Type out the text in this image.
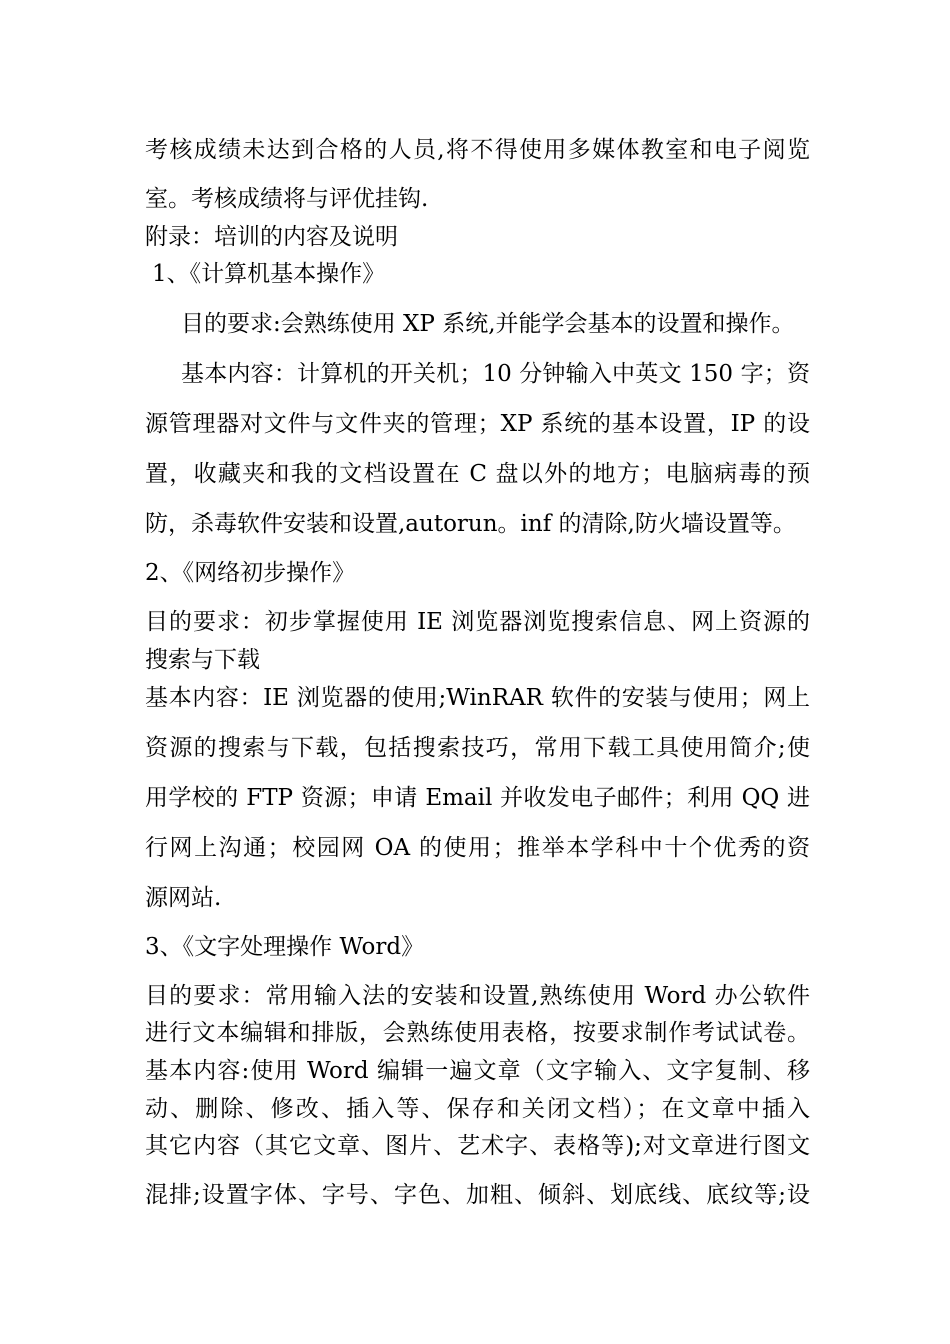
考核成绩未达到合格的人员,将不得使用多媒体教室和电子阅览
室。考核成绩将与评优挂钩.
附录：培训的内容及说明
1、《计算机基本操作》
目的要求:会熟练使用 XP 系统,并能学会基本的设置和操作。
基本内容：计算机的开关机；10 分钟输入中英文 150 字；资
源管理器对文件与文件夹的管理；XP 系统的基本设置，IP 的设
置，收藏夹和我的文档设置在 C 盘以外的地方；电脑病毒的预
防，杀毒软件安装和设置,autorun。inf 的清除,防火墙设置等。
2、《网络初步操作》
目的要求：初步掌握使用 IE 浏览器浏览搜索信息、网上资源的
搜索与下载
基本内容：IE 浏览器的使用;WinRAR 软件的安装与使用；网上
资源的搜索与下载，包括搜索技巧，常用下载工具使用简介;使
用学校的 FTP 资源；申请 Email 并收发电子邮件；利用 QQ 进
行网上沟通；校园网 OA 的使用；推举本学科中十个优秀的资
源网站.
3、《文字处理操作 Word》
目的要求：常用输入法的安装和设置,熟练使用 Word 办公软件
进行文本编辑和排版，会熟练使用表格，按要求制作考试试卷。
基本内容:使用 Word 编辑一遍文章（文字输入、文字复制、移
动、删除、修改、插入等、保存和关闭文档）；在文章中插入
其它内容（其它文章、图片、艺术字、表格等);对文章进行图文
混排;设置字体、字号、字色、加粗、倾斜、划底线、底纹等;设
